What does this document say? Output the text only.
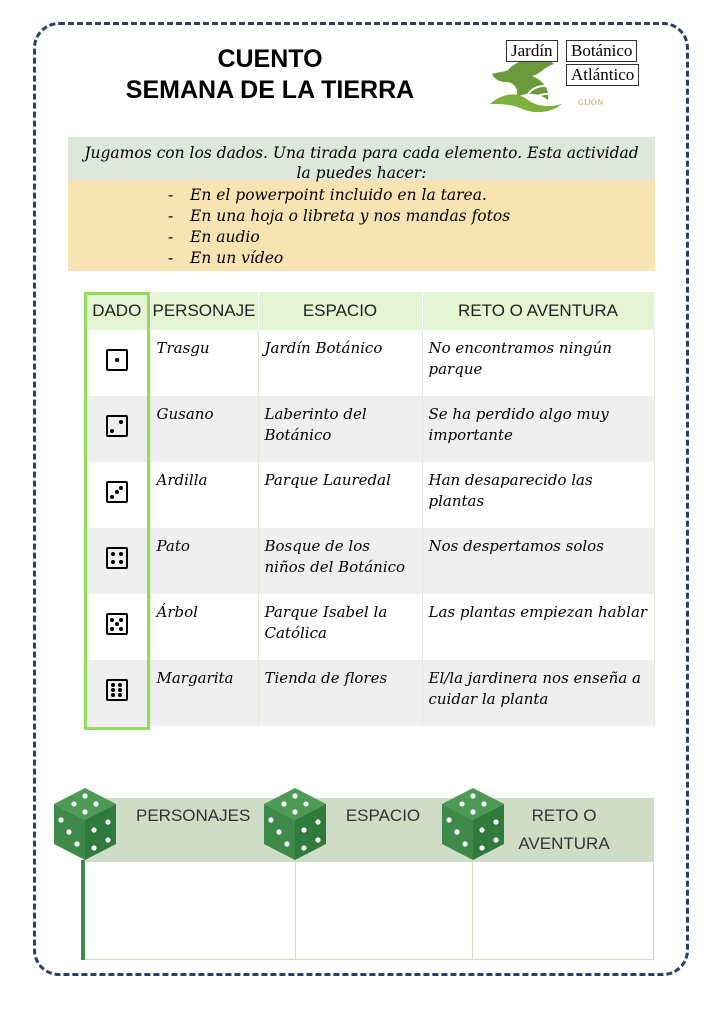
CUENTO
SEMANA DE LA TIERRA
Jardín Botánico
Atlántico
GIJÓN
Jugamos con los dados. Una tirada para cada elemento. Esta actividad la puedes hacer:
- En el powerpoint incluido en la tarea.
- En una hoja o libreta y nos mandas fotos
- En audio
- En un vídeo
DADO	PERSONAJE	ESPACIO	RETO O AVENTURA

	Trasgu	Jardín Botánico	No encontramos ningún parque

	Gusano	Laberinto del Botánico	Se ha perdido algo muy importante

	Ardilla	Parque Lauredal	Han desaparecido las plantas

	Pato	Bosque de los niños del Botánico	Nos despertamos solos

	Árbol	Parque Isabel la Católica	Las plantas empiezan hablar

	Margarita	Tienda de flores	El/la jardinera nos enseña a cuidar la planta
PERSONAJES	ESPACIO	RETO O
AVENTURA
